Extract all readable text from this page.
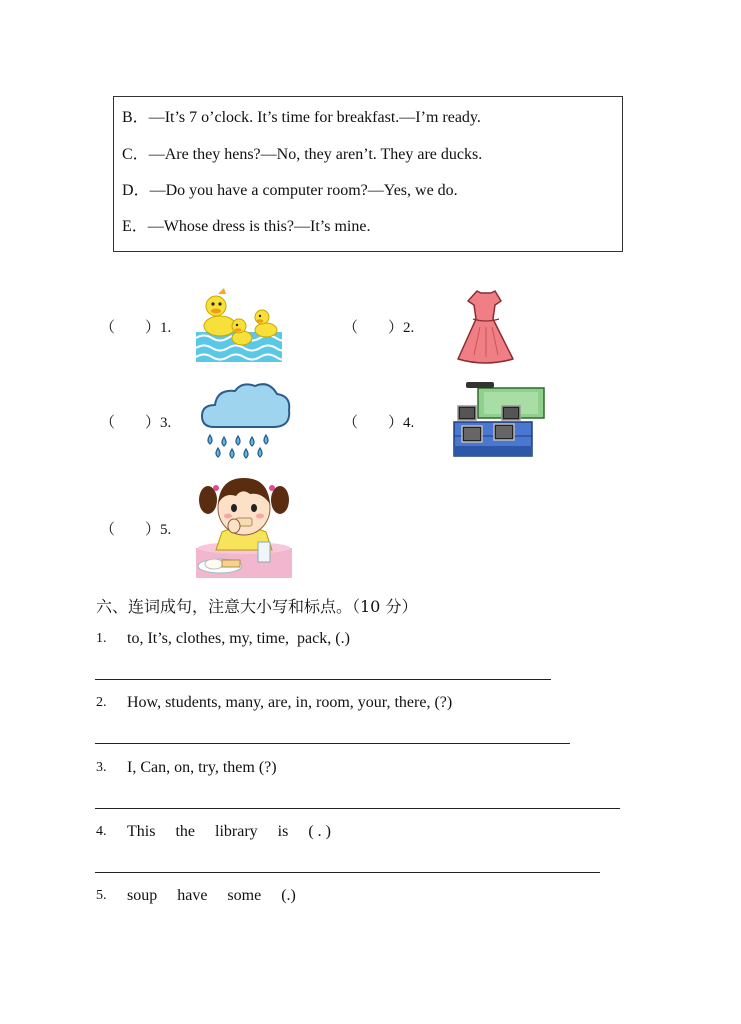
B．—It’s 7 o’clock. It’s time for breakfast.—I’m ready.
C．—Are they hens?—No, they aren’t. They are ducks.
D．—Do you have a computer room?—Yes, we do.
E．—Whose dress is this?—It’s mine.
（　　）1.	（　　）2.
（　　）3.	（　　）4.
（　　）5.
六、连词成句，注意大小写和标点。（10 分）
1. to, It’s, clothes, my, time,  pack, (.)
2. How, students, many, are, in, room, your, there, (?)
3. I, Can, on, try, them (?)
4. This     the     library     is     ( . )
5. soup     have     some     (.)
